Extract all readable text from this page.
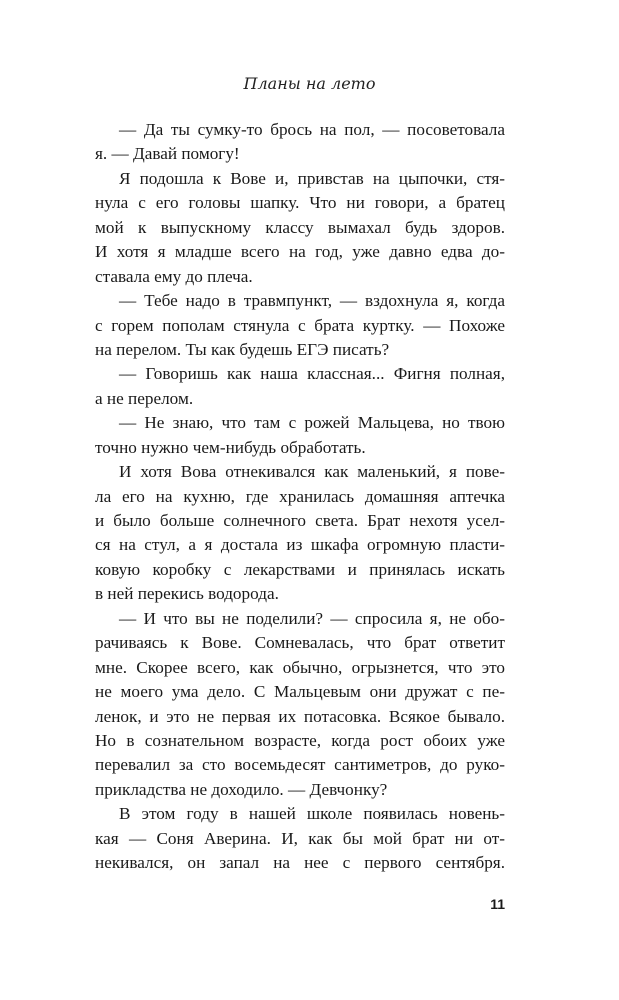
Планы на лето
— Да ты сумку-то брось на пол, — посоветовала
я. — Давай помогу!
Я подошла к Вове и, привстав на цыпочки, стя-
нула с его головы шапку. Что ни говори, а братец
мой к выпускному классу вымахал будь здоров.
И хотя я младше всего на год, уже давно едва до-
ставала ему до плеча.
— Тебе надо в травмпункт, — вздохнула я, когда
с горем пополам стянула с брата куртку. — Похоже
на перелом. Ты как будешь ЕГЭ писать?
— Говоришь как наша классная... Фигня полная,
а не перелом.
— Не знаю, что там с рожей Мальцева, но твою
точно нужно чем-нибудь обработать.
И хотя Вова отнекивался как маленький, я пове-
ла его на кухню, где хранилась домашняя аптечка
и было больше солнечного света. Брат нехотя усел-
ся на стул, а я достала из шкафа огромную пласти-
ковую коробку с лекарствами и принялась искать
в ней перекись водорода.
— И что вы не поделили? — спросила я, не обо-
рачиваясь к Вове. Сомневалась, что брат ответит
мне. Скорее всего, как обычно, огрызнется, что это
не моего ума дело. С Мальцевым они дружат с пе-
ленок, и это не первая их потасовка. Всякое бывало.
Но в сознательном возрасте, когда рост обоих уже
перевалил за сто восемьдесят сантиметров, до руко-
прикладства не доходило. — Девчонку?
В этом году в нашей школе появилась новень-
кая — Соня Аверина. И, как бы мой брат ни от-
некивался, он запал на нее с первого сентября.
11
